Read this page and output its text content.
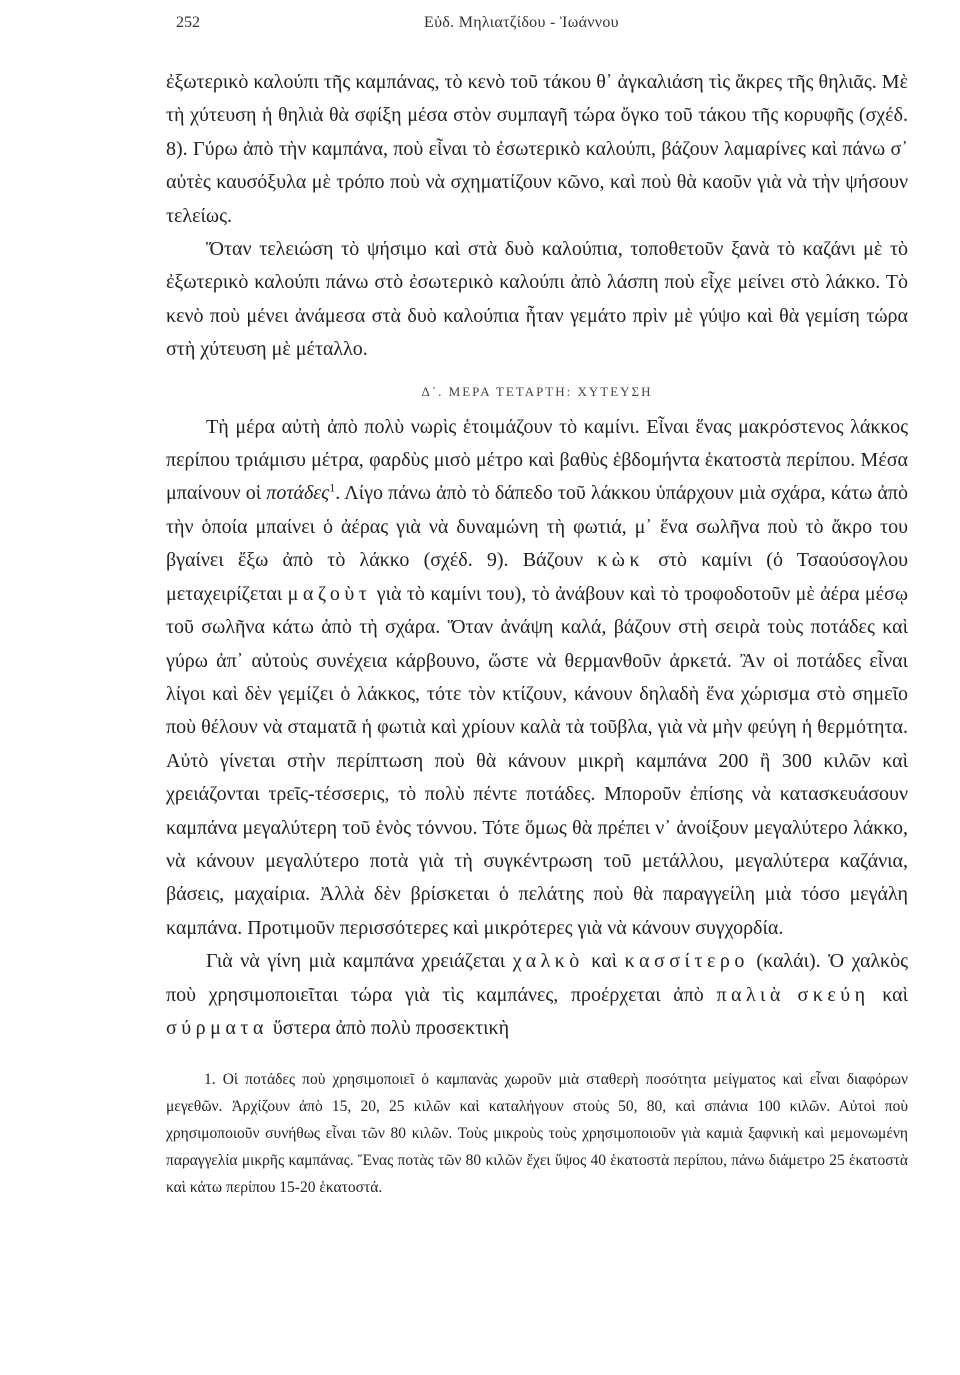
252	Εὐδ. Μηλιατζίδου - Ἰωάννου

ἐξωτερικὸ καλούπι τῆς καμπάνας, τὸ κενὸ τοῦ τάκου θ᾽ ἀγκαλιάση τὶς ἄκρες τῆς θηλιᾶς. Μὲ τὴ χύτευση ἡ θηλιὰ θὰ σφίξη μέσα στὸν συμπαγῆ τώρα ὄγκο τοῦ τάκου τῆς κορυφῆς (σχέδ. 8). Γύρω ἀπὸ τὴν καμπάνα, ποὺ εἶναι τὸ ἐσωτερικὸ καλούπι, βάζουν λαμαρίνες καὶ πάνω σ᾽ αὐτὲς καυσόξυλα μὲ τρόπο ποὺ νὰ σχηματίζουν κῶνο, καὶ ποὺ θὰ καοῦν γιὰ νὰ τὴν ψήσουν τελείως.

Ὅταν τελειώση τὸ ψήσιμο καὶ στὰ δυὸ καλούπια, τοποθετοῦν ξανὰ τὸ καζάνι μὲ τὸ ἐξωτερικὸ καλούπι πάνω στὸ ἐσωτερικὸ καλούπι ἀπὸ λάσπη ποὺ εἶχε μείνει στὸ λάκκο. Τὸ κενὸ ποὺ μένει ἀνάμεσα στὰ δυὸ καλούπια ἦταν γεμάτο πρὶν μὲ γύψο καὶ θὰ γεμίση τώρα στὴ χύτευση μὲ μέταλλο.

Δ΄. ΜΕΡΑ ΤΕΤΑΡΤΗ: ΧΥΤΕΥΣΗ

Τὴ μέρα αὐτὴ ἀπὸ πολὺ νωρὶς ἑτοιμάζουν τὸ καμίνι. Εἶναι ἕνας μακρόστενος λάκκος περίπου τριάμισυ μέτρα, φαρδὺς μισὸ μέτρο καὶ βαθὺς ἑβδομήντα ἑκατοστὰ περίπου. Μέσα μπαίνουν οἱ ποτάδες$^1$. Λίγο πάνω ἀπὸ τὸ δάπεδο τοῦ λάκκου ὑπάρχουν μιὰ σχάρα, κάτω ἀπὸ τὴν ὁποία μπαίνει ὁ ἀέρας γιὰ νὰ δυναμώνη τὴ φωτιά, μ᾽ ἕνα σωλῆνα ποὺ τὸ ἄκρο του βγαίνει ἔξω ἀπὸ τὸ λάκκο (σχέδ. 9). Βάζουν κὼκ στὸ καμίνι (ὁ Τσαούσογλου μεταχειρίζεται μαζοὺτ γιὰ τὸ καμίνι του), τὸ ἀνάβουν καὶ τὸ τροφοδοτοῦν μὲ ἀέρα μέσῳ τοῦ σωλῆνα κάτω ἀπὸ τὴ σχάρα. Ὅταν ἀνάψη καλά, βάζουν στὴ σειρὰ τοὺς ποτάδες καὶ γύρω ἀπ᾽ αὐτοὺς συνέχεια κάρβουνο, ὥστε νὰ θερμανθοῦν ἀρκετά. Ἂν οἱ ποτάδες εἶναι λίγοι καὶ δὲν γεμίζει ὁ λάκκος, τότε τὸν κτίζουν, κάνουν δηλαδὴ ἕνα χώρισμα στὸ σημεῖο ποὺ θέλουν νὰ σταματᾶ ἡ φωτιὰ καὶ χρίουν καλὰ τὰ τοῦβλα, γιὰ νὰ μὴν φεύγη ἡ θερμότητα. Αὐτὸ γίνεται στὴν περίπτωση ποὺ θὰ κάνουν μικρὴ καμπάνα 200 ἢ 300 κιλῶν καὶ χρειάζονται τρεῖς-τέσσερις, τὸ πολὺ πέντε ποτάδες. Μποροῦν ἐπίσης νὰ κατασκευάσουν καμπάνα μεγαλύτερη τοῦ ἑνὸς τόννου. Τότε ὅμως θὰ πρέπει ν᾽ ἀνοίξουν μεγαλύτερο λάκκο, νὰ κάνουν μεγαλύτερο ποτὰ γιὰ τὴ συγκέντρωση τοῦ μετάλλου, μεγαλύτερα καζάνια, βάσεις, μαχαίρια. Ἀλλὰ δὲν βρίσκεται ὁ πελάτης ποὺ θὰ παραγγείλη μιὰ τόσο μεγάλη καμπάνα. Προτιμοῦν περισσότερες καὶ μικρότερες γιὰ νὰ κάνουν συγχορδία.

Γιὰ νὰ γίνη μιὰ καμπάνα χρειάζεται χαλκὸ καὶ κασσίτερο (καλάι). Ὁ χαλκὸς ποὺ χρησιμοποιεῖται τώρα γιὰ τὶς καμπάνες, προέρχεται ἀπὸ παλιὰ σκεύη καὶ σύρματα ὕστερα ἀπὸ πολὺ προσεκτικὴ

1. Οἱ ποτάδες ποὺ χρησιμοποιεῖ ὁ καμπανὰς χωροῦν μιὰ σταθερὴ ποσότητα μείγματος καὶ εἶναι διαφόρων μεγεθῶν. Ἀρχίζουν ἀπὸ 15, 20, 25 κιλῶν καὶ καταλήγουν στοὺς 50, 80, καὶ σπάνια 100 κιλῶν. Αὐτοὶ ποὺ χρησιμοποιοῦν συνήθως εἶναι τῶν 80 κιλῶν. Τοὺς μικροὺς τοὺς χρησιμοποιοῦν γιὰ καμιὰ ξαφνικὴ καὶ μεμονωμένη παραγγελία μικρῆς καμπάνας. Ἕνας ποτὰς τῶν 80 κιλῶν ἔχει ὕψος 40 ἑκατοστὰ περίπου, πάνω διάμετρο 25 ἑκατοστὰ καὶ κάτω περίπου 15-20 ἑκατοστά.
